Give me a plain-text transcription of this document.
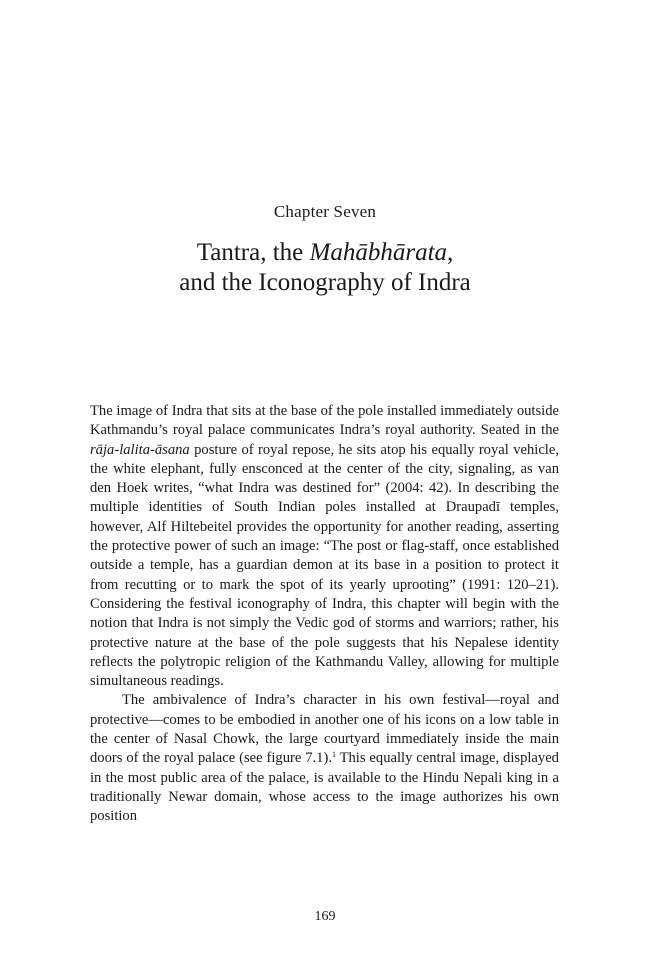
Chapter Seven
Tantra, the Mahābhārata,
and the Iconography of Indra

The image of Indra that sits at the base of the pole installed immediately outside Kathmandu’s royal palace communicates Indra’s royal authority. Seated in the rāja-lalita-āsana posture of royal repose, he sits atop his equally royal vehicle, the white elephant, fully ensconced at the center of the city, signaling, as van den Hoek writes, “what Indra was destined for” (2004: 42). In describing the multiple identities of South Indian poles installed at Draupadī temples, however, Alf Hiltebeitel provides the opportunity for another reading, asserting the protective power of such an image: “The post or flag-staff, once established outside a temple, has a guardian demon at its base in a position to protect it from recutting or to mark the spot of its yearly uprooting” (1991: 120–21). Considering the festival iconography of Indra, this chapter will begin with the notion that Indra is not simply the Vedic god of storms and warriors; rather, his protective nature at the base of the pole suggests that his Nepalese identity reflects the polytropic religion of the Kathmandu Valley, allowing for multiple simultaneous readings.

The ambivalence of Indra’s character in his own festival—royal and protective—comes to be embodied in another one of his icons on a low table in the center of Nasal Chowk, the large courtyard immediately inside the main doors of the royal palace (see figure 7.1).$^1$ This equally central image, displayed in the most public area of the palace, is available to the Hindu Nepali king in a traditionally Newar domain, whose access to the image authorizes his own position

169
